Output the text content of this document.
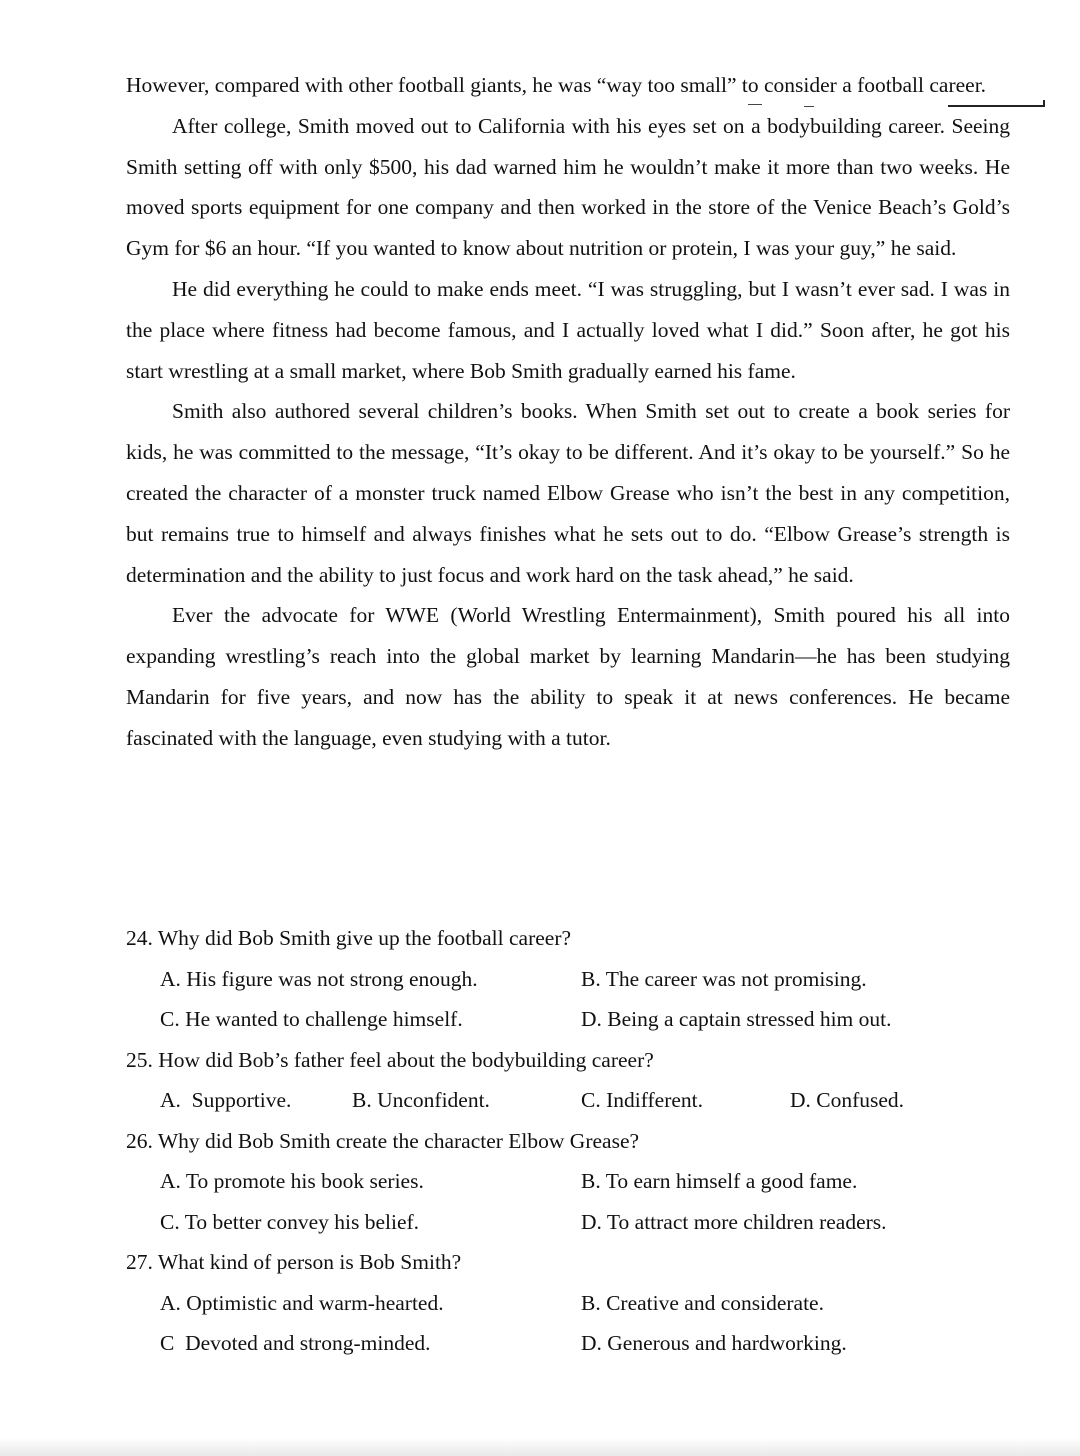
However, compared with other football giants, he was “way too small” to consider a football career.

After college, Smith moved out to California with his eyes set on a bodybuilding career. Seeing Smith setting off with only $500, his dad warned him he wouldn’t make it more than two weeks. He moved sports equipment for one company and then worked in the store of the Venice Beach’s Gold’s Gym for $6 an hour. “If you wanted to know about nutrition or protein, I was your guy,” he said.

He did everything he could to make ends meet. “I was struggling, but I wasn’t ever sad. I was in the place where fitness had become famous, and I actually loved what I did.” Soon after, he got his start wrestling at a small market, where Bob Smith gradually earned his fame.

Smith also authored several children’s books. When Smith set out to create a book series for kids, he was committed to the message, “It’s okay to be different. And it’s okay to be yourself.” So he created the character of a monster truck named Elbow Grease who isn’t the best in any competition, but remains true to himself and always finishes what he sets out to do. “Elbow Grease’s strength is determination and the ability to just focus and work hard on the task ahead,” he said.

Ever the advocate for WWE (World Wrestling Entermainment), Smith poured his all into expanding wrestling’s reach into the global market by learning Mandarin—he has been studying Mandarin for five years, and now has the ability to speak it at news conferences. He became fascinated with the language, even studying with a tutor.

24. Why did Bob Smith give up the football career?
A. His figure was not strong enough.	B. The career was not promising.
C. He wanted to challenge himself.	D. Being a captain stressed him out.
25. How did Bob’s father feel about the bodybuilding career?
A.  Supportive.	B. Unconfident.	C. Indifferent.	D. Confused.
26. Why did Bob Smith create the character Elbow Grease?
A. To promote his book series.	B. To earn himself a good fame.
C. To better convey his belief.	D. To attract more children readers.
27. What kind of person is Bob Smith?
A. Optimistic and warm-hearted.	B. Creative and considerate.
C  Devoted and strong-minded.	D. Generous and hardworking.
